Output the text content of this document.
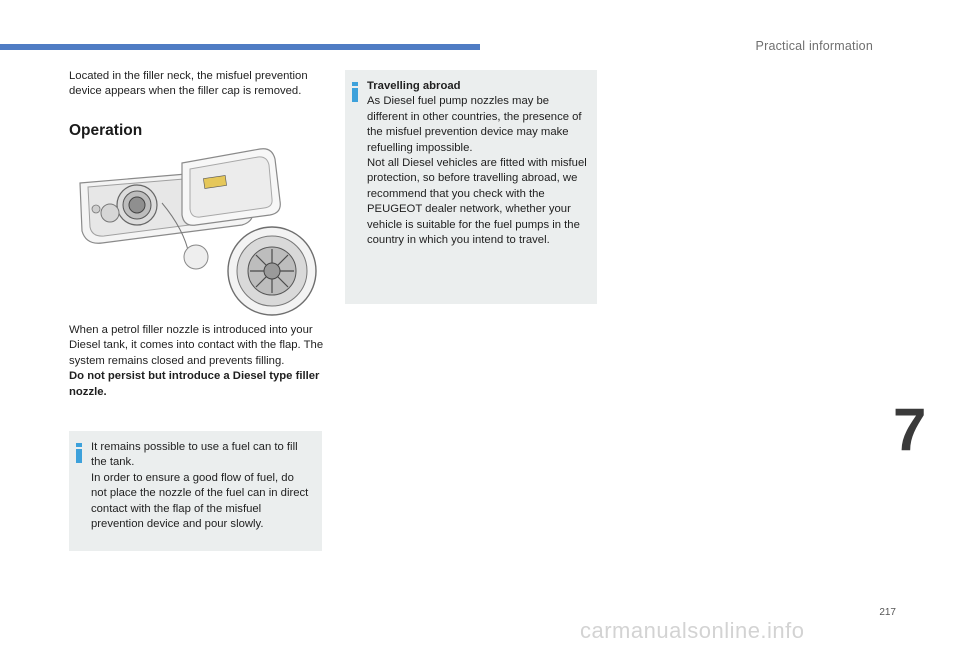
Practical information

Located in the filler neck, the misfuel prevention device appears when the filler cap is removed.

Operation

When a petrol filler nozzle is introduced into your Diesel tank, it comes into contact with the flap. The system remains closed and prevents filling.

Do not persist but introduce a Diesel type filler nozzle.

It remains possible to use a fuel can to fill the tank.

In order to ensure a good flow of fuel, do not place the nozzle of the fuel can in direct contact with the flap of the misfuel prevention device and pour slowly.

Travelling abroad

As Diesel fuel pump nozzles may be different in other countries, the presence of the misfuel prevention device may make refuelling impossible.

Not all Diesel vehicles are fitted with misfuel protection, so before travelling abroad, we recommend that you check with the PEUGEOT dealer network, whether your vehicle is suitable for the fuel pumps in the country in which you intend to travel.

7
217
carmanualsonline.info
